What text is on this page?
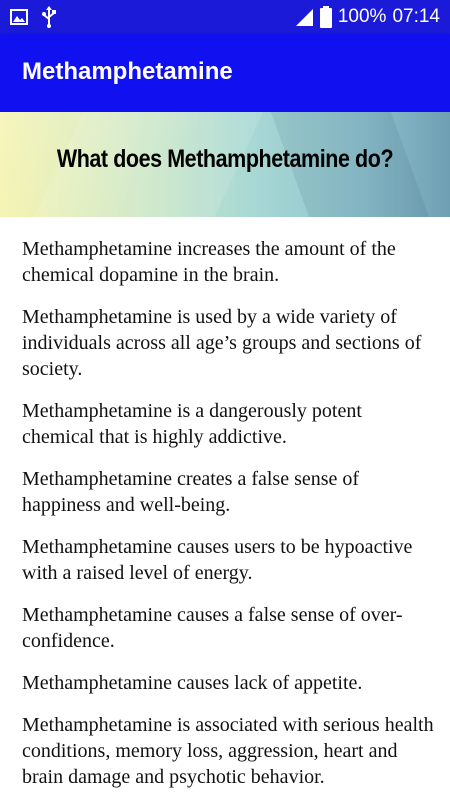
100% 07:14
Methamphetamine
What does Methamphetamine do?

Methamphetamine increases the amount of the chemical dopamine in the brain.

Methamphetamine is used by a wide variety of individuals across all age’s groups and sections of society.

Methamphetamine is a dangerously potent chemical that is highly addictive.

Methamphetamine creates a false sense of happiness and well-being.

Methamphetamine causes users to be hypoactive with a raised level of energy.

Methamphetamine causes a false sense of over-confidence.

Methamphetamine causes lack of appetite.

Methamphetamine is associated with serious health conditions, memory loss, aggression, heart and brain damage and psychotic behavior.
